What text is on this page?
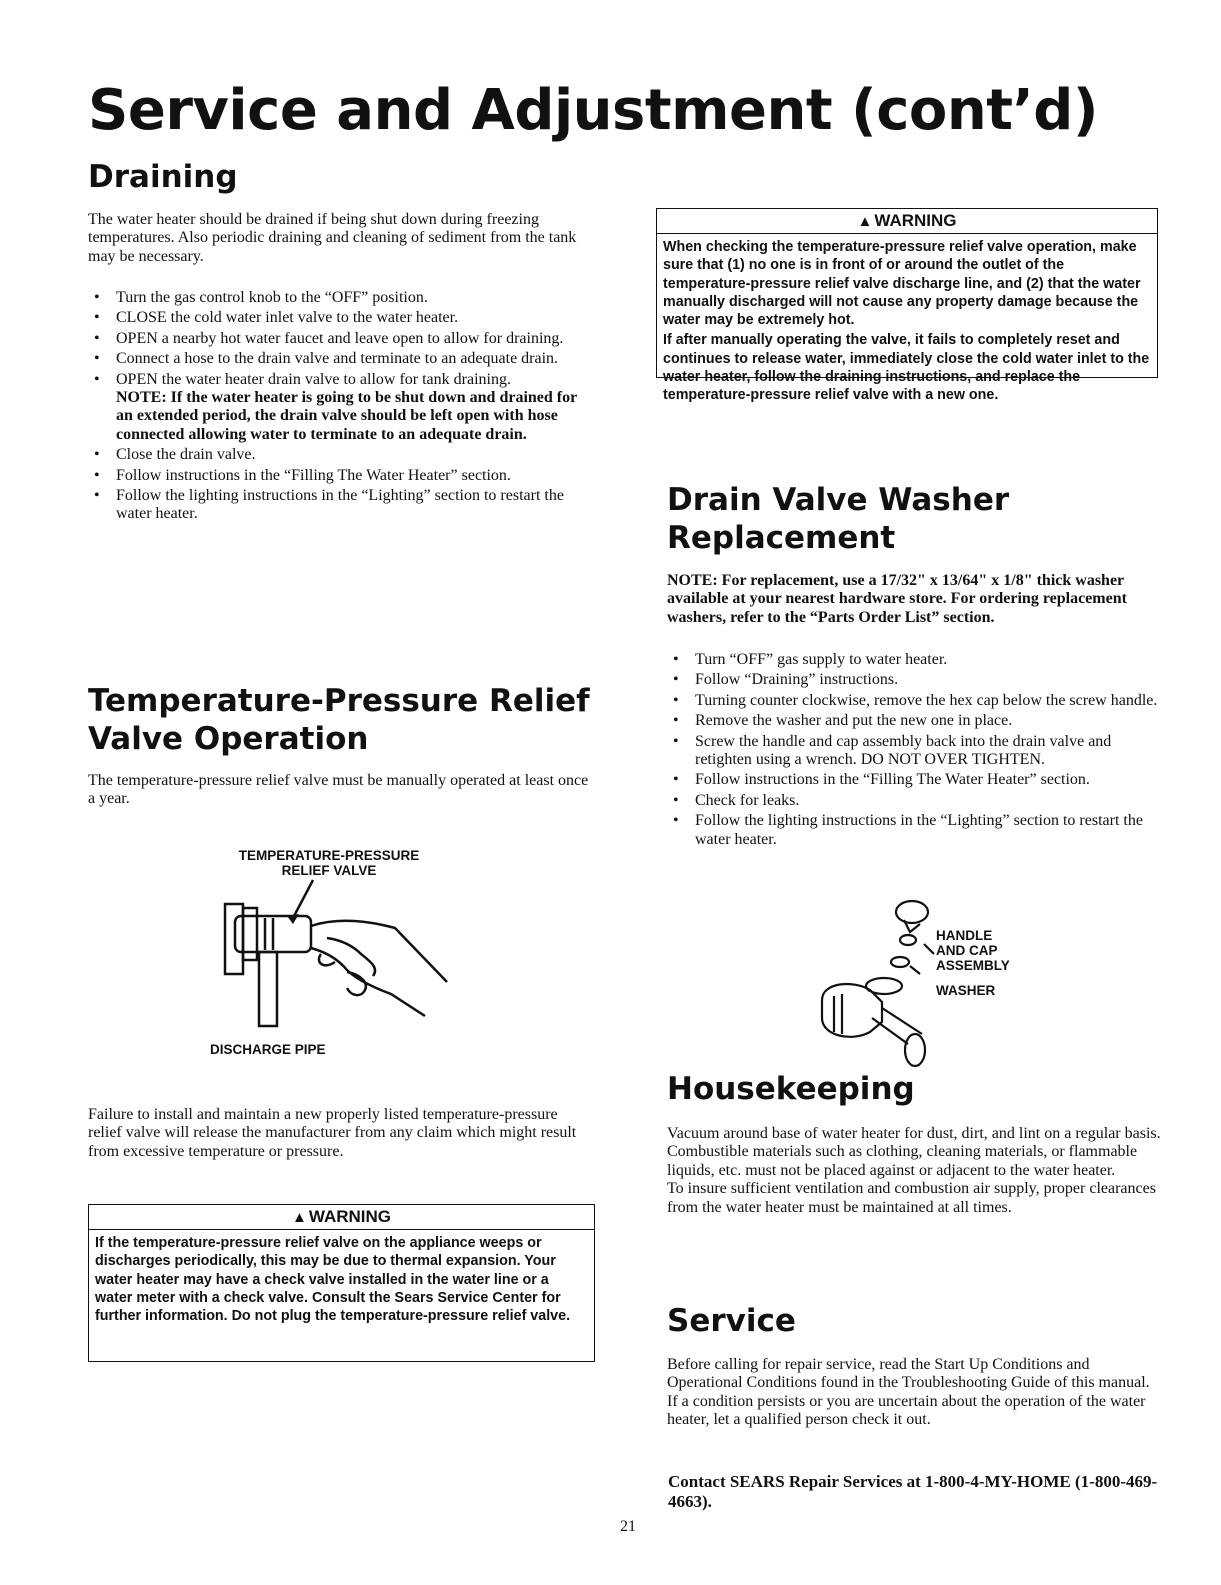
Service and Adjustment (cont’d)
Draining

The water heater should be drained if being shut down during freezing temperatures. Also periodic draining and cleaning of sediment from the tank may be necessary.

• Turn the gas control knob to the “OFF” position.
• CLOSE the cold water inlet valve to the water heater.
• OPEN a nearby hot water faucet and leave open to allow for draining.
• Connect a hose to the drain valve and terminate to an adequate drain.
• OPEN the water heater drain valve to allow for tank draining.
NOTE: If the water heater is going to be shut down and drained for an extended period, the drain valve should be left open with hose connected allowing water to terminate to an adequate drain.
• Close the drain valve.
• Follow instructions in the “Filling The Water Heater” section.
• Follow the lighting instructions in the “Lighting” section to restart the water heater.
Temperature-Pressure Relief
Valve Operation

The temperature-pressure relief valve must be manually operated at least once a year.

TEMPERATURE-PRESSURE
RELIEF VALVE

DISCHARGE PIPE

Failure to install and maintain a new properly listed temperature-pressure relief valve will release the manufacturer from any claim which might result from excessive temperature or pressure.

▲ WARNING

If the temperature-pressure relief valve on the appliance weeps or discharges periodically, this may be due to thermal expansion. Your water heater may have a check valve installed in the water line or a water meter with a check valve. Consult the Sears Service Center for further information. Do not plug the temperature-pressure relief valve.

▲ WARNING

When checking the temperature-pressure relief valve operation, make sure that (1) no one is in front of or around the outlet of the temperature-pressure relief valve discharge line, and (2) that the water manually discharged will not cause any property damage because the water may be extremely hot.

If after manually operating the valve, it fails to completely reset and continues to release water, immediately close the cold water inlet to the water heater, follow the draining instructions, and replace the temperature-pressure relief valve with a new one.

Drain Valve Washer
Replacement

NOTE: For replacement, use a 17/32" x 13/64" x 1/8" thick washer available at your nearest hardware store. For ordering replacement washers, refer to the “Parts Order List” section.

• Turn “OFF” gas supply to water heater.
• Follow “Draining” instructions.
• Turning counter clockwise, remove the hex cap below the screw handle.
• Remove the washer and put the new one in place.
• Screw the handle and cap assembly back into the drain valve and retighten using a wrench. DO NOT OVER TIGHTEN.
• Follow instructions in the “Filling The Water Heater” section.
• Check for leaks.
• Follow the lighting instructions in the “Lighting” section to restart the water heater.

HANDLE
AND CAP
ASSEMBLY

WASHER

Housekeeping
Vacuum around base of water heater for dust, dirt, and lint on a regular basis.
Combustible materials such as clothing, cleaning materials, or flammable liquids, etc. must not be placed against or adjacent to the water heater.
To insure sufficient ventilation and combustion air supply, proper clearances from the water heater must be maintained at all times.
Service
Before calling for repair service, read the Start Up Conditions and Operational Conditions found in the Troubleshooting Guide of this manual.
If a condition persists or you are uncertain about the operation of the water heater, let a qualified person check it out.

Contact SEARS Repair Services at 1-800-4-MY-HOME (1-800-469-4663).

21
